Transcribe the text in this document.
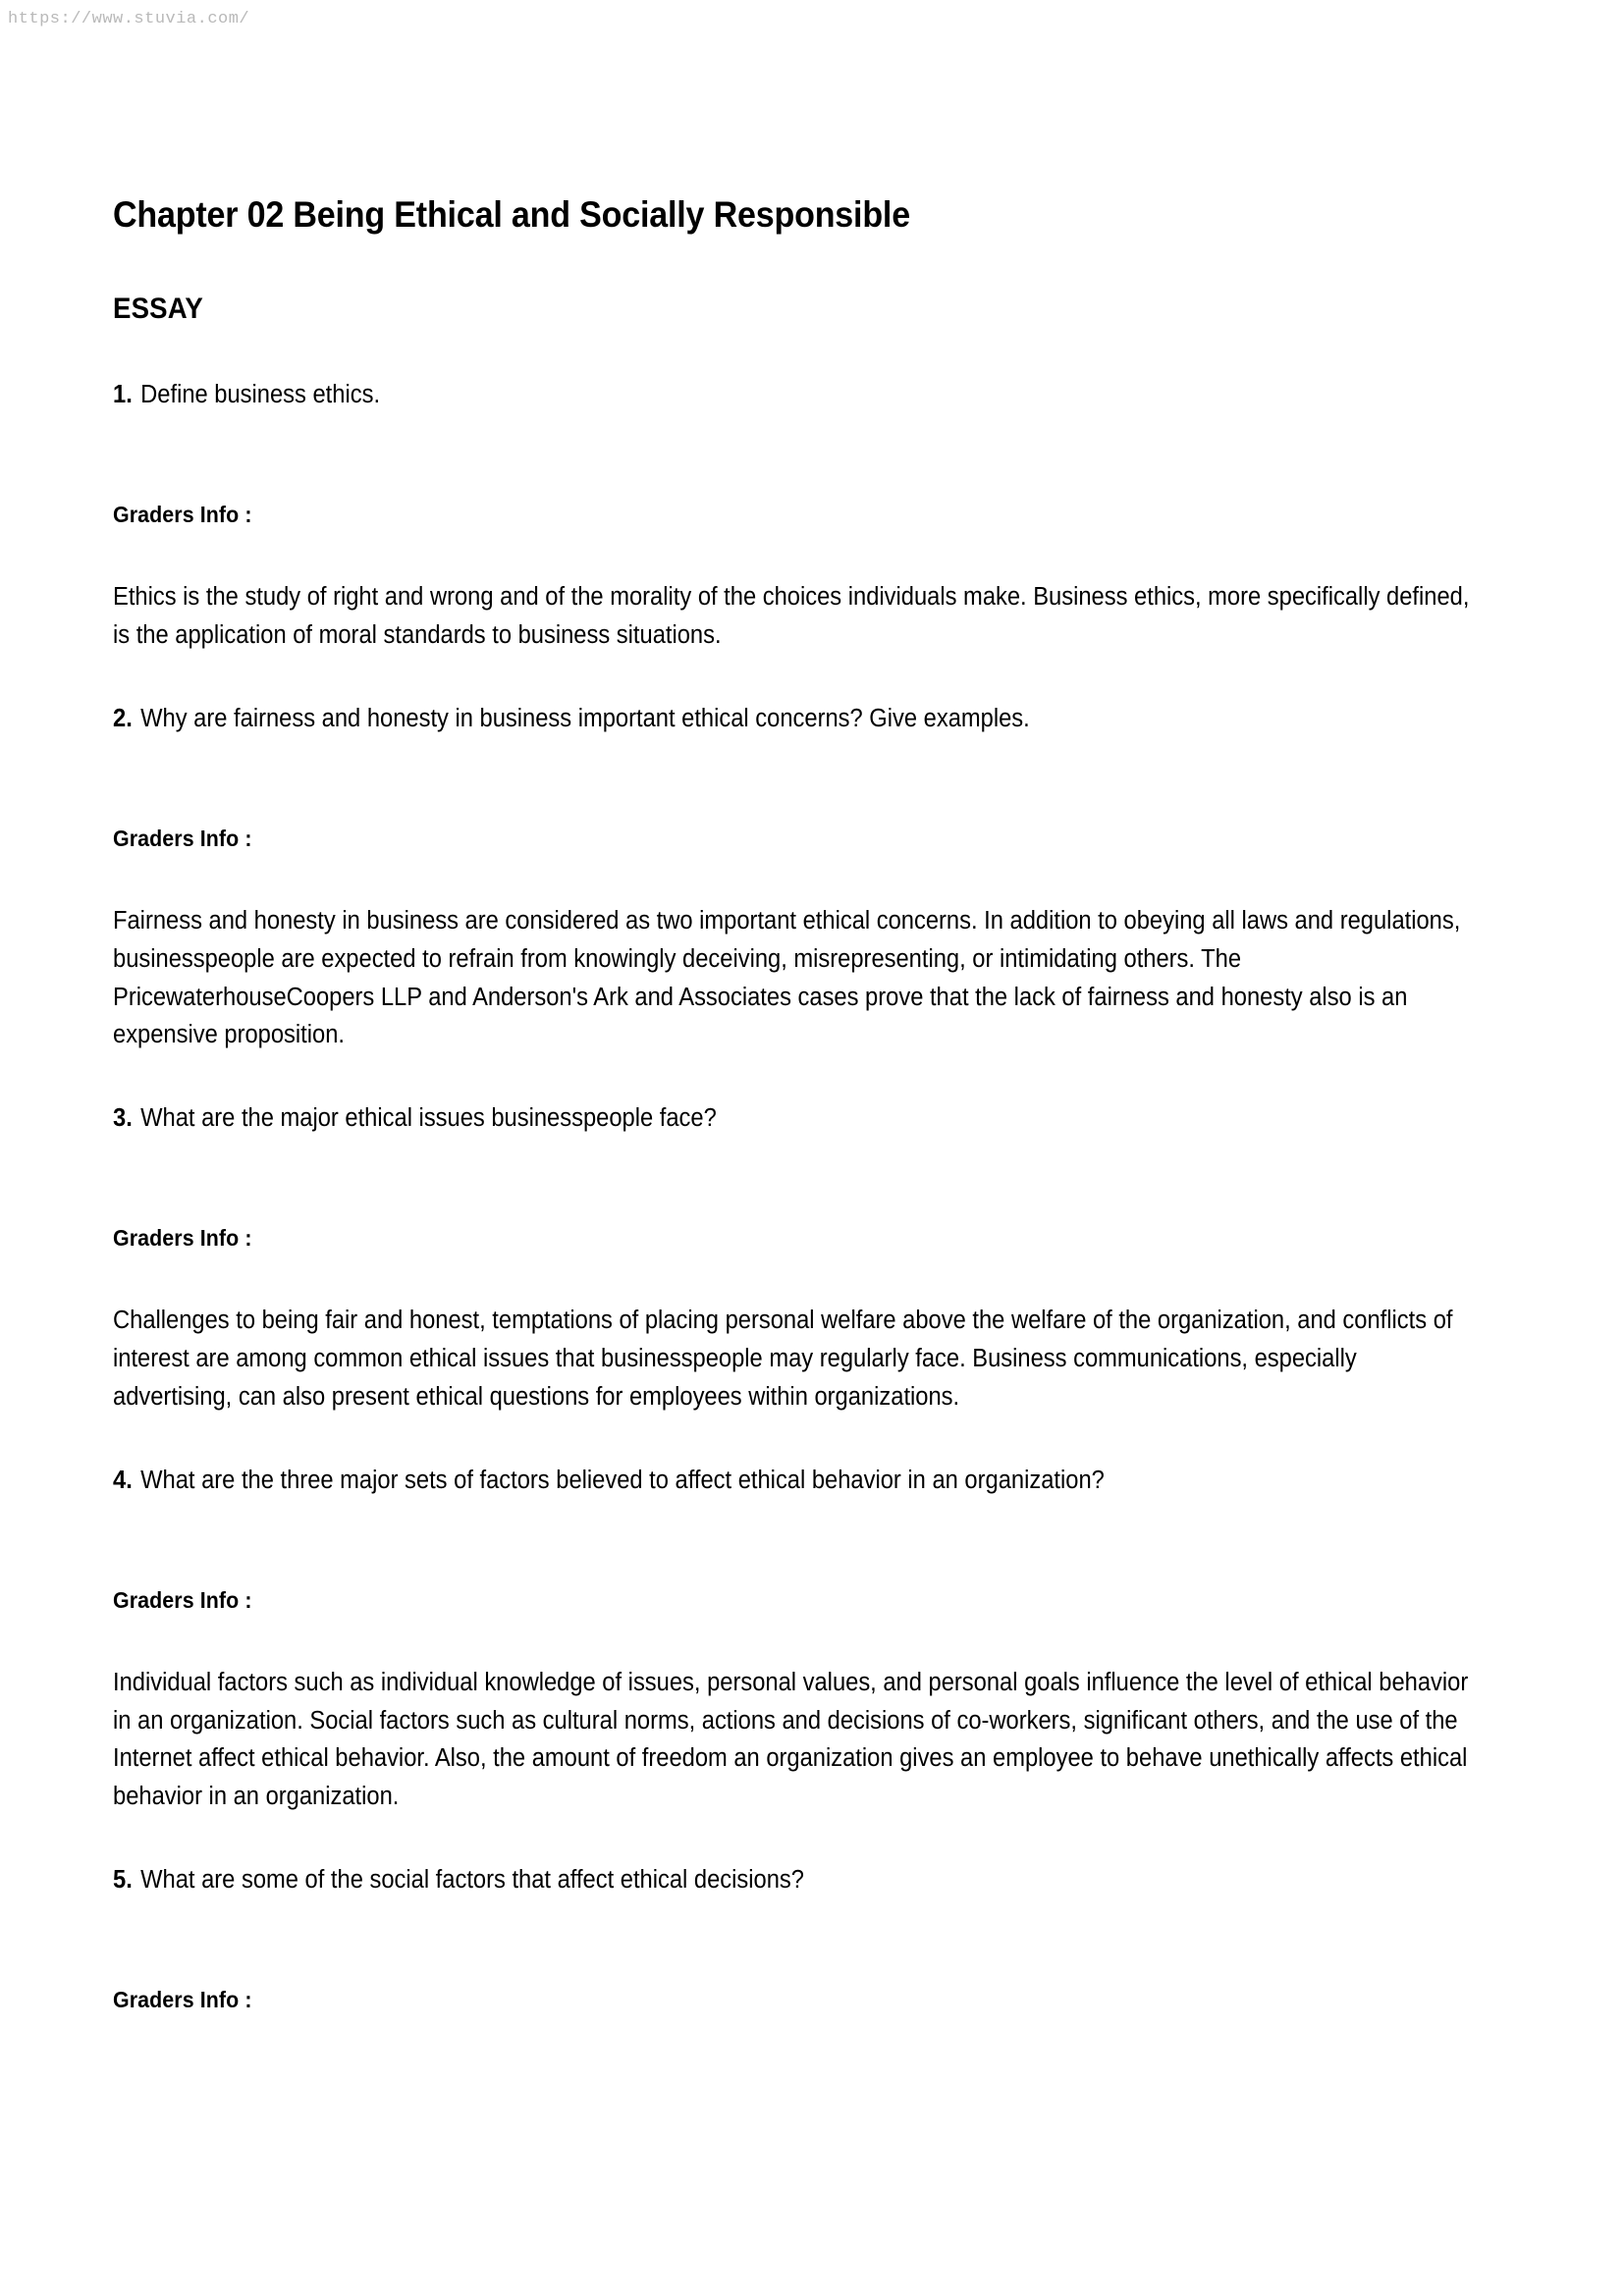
https://www.stuvia.com/
Chapter 02 Being Ethical and Socially Responsible
ESSAY

1. Define business ethics.

Graders Info :

Ethics is the study of right and wrong and of the morality of the choices individuals make. Business ethics, more specifically defined, is the application of moral standards to business situations.

2. Why are fairness and honesty in business important ethical concerns? Give examples.

Graders Info :

Fairness and honesty in business are considered as two important ethical concerns. In addition to obeying all laws and regulations, businesspeople are expected to refrain from knowingly deceiving, misrepresenting, or intimidating others. The PricewaterhouseCoopers LLP and Anderson's Ark and Associates cases prove that the lack of fairness and honesty also is an expensive proposition.

3. What are the major ethical issues businesspeople face?

Graders Info :

Challenges to being fair and honest, temptations of placing personal welfare above the welfare of the organization, and conflicts of interest are among common ethical issues that businesspeople may regularly face. Business communications, especially advertising, can also present ethical questions for employees within organizations.

4. What are the three major sets of factors believed to affect ethical behavior in an organization?

Graders Info :

Individual factors such as individual knowledge of issues, personal values, and personal goals influence the level of ethical behavior in an organization. Social factors such as cultural norms, actions and decisions of co-workers, significant others, and the use of the Internet affect ethical behavior. Also, the amount of freedom an organization gives an employee to behave unethically affects ethical behavior in an organization.

5. What are some of the social factors that affect ethical decisions?

Graders Info :
